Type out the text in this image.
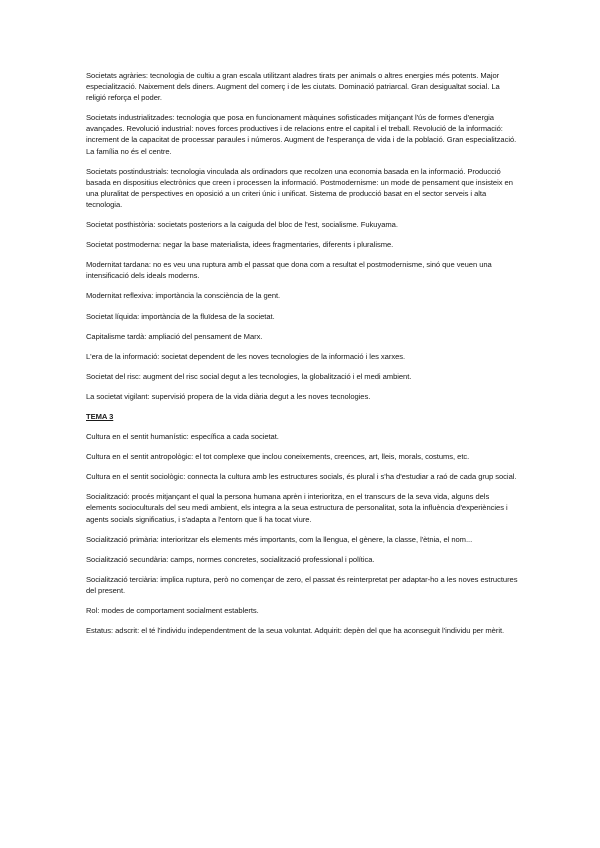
Societats agràries: tecnologia de cultiu a gran escala utilitzant aladres tirats per animals o altres energies més potents. Major especialització. Naixement dels diners. Augment del comerç i de les ciutats. Dominació patriarcal. Gran desigualtat social. La religió reforça el poder.

Societats industrialitzades: tecnologia que posa en funcionament màquines sofisticades mitjançant l'ús de formes d'energia avançades. Revolució industrial: noves forces productives i de relacions entre el capital i el treball. Revolució de la informació: increment de la capacitat de processar paraules i números. Augment de l'esperança de vida i de la població. Gran especialització. La família no és el centre.

Societats postindustrials: tecnologia vinculada als ordinadors que recolzen una economia basada en la informació. Producció basada en dispositius electrònics que creen i processen la informació. Postmodernisme: un mode de pensament que insisteix en una pluralitat de perspectives en oposició a un criteri únic i unificat. Sistema de producció basat en el sector serveis i alta tecnologia.

Societat posthistòria: societats posteriors a la caiguda del bloc de l'est, socialisme. Fukuyama.

Societat postmoderna: negar la base materialista, idees fragmentaries, diferents i pluralisme.

Modernitat tardana: no es veu una ruptura amb el passat que dona com a resultat el postmodernisme, sinó que veuen una intensificació dels ideals moderns.

Modernitat reflexiva: importància la consciència de la gent.

Societat líquida: importància de la fluïdesa de la societat.

Capitalisme tardà: ampliació del pensament de Marx.

L'era de la informació: societat dependent de les noves tecnologies de la informació i les xarxes.

Societat del risc: augment del risc social degut a les tecnologies, la globalització i el medi ambient.

La societat vigilant: supervisió propera de la vida diària degut a les noves tecnologies.

TEMA 3

Cultura en el sentit humanístic: específica a cada societat.

Cultura en el sentit antropològic: el tot complexe que inclou coneixements, creences, art, lleis, morals, costums, etc.

Cultura en el sentit sociològic: connecta la cultura amb les estructures socials, és plural i s'ha d'estudiar a raó de cada grup social.

Socialització: procés mitjançant el qual la persona humana aprèn i interioritza, en el transcurs de la seva vida, alguns dels elements socioculturals del seu medi ambient, els integra a la seua estructura de personalitat, sota la influència d'experiències i agents socials significatius, i s'adapta a l'entorn que li ha tocat viure.

Socialització primària: interioritzar els elements més importants, com la llengua, el gènere, la classe, l'ètnia, el nom...

Socialització secundària: camps, normes concretes, socialització professional i política.

Socialització terciària: implica ruptura, però no començar de zero, el passat és reinterpretat per adaptar-ho a les noves estructures del present.

Rol: modes de comportament socialment establerts.

Estatus: adscrit: el té l'individu independentment de la seua voluntat. Adquirit: depèn del que ha aconseguit l'individu per mèrit.
